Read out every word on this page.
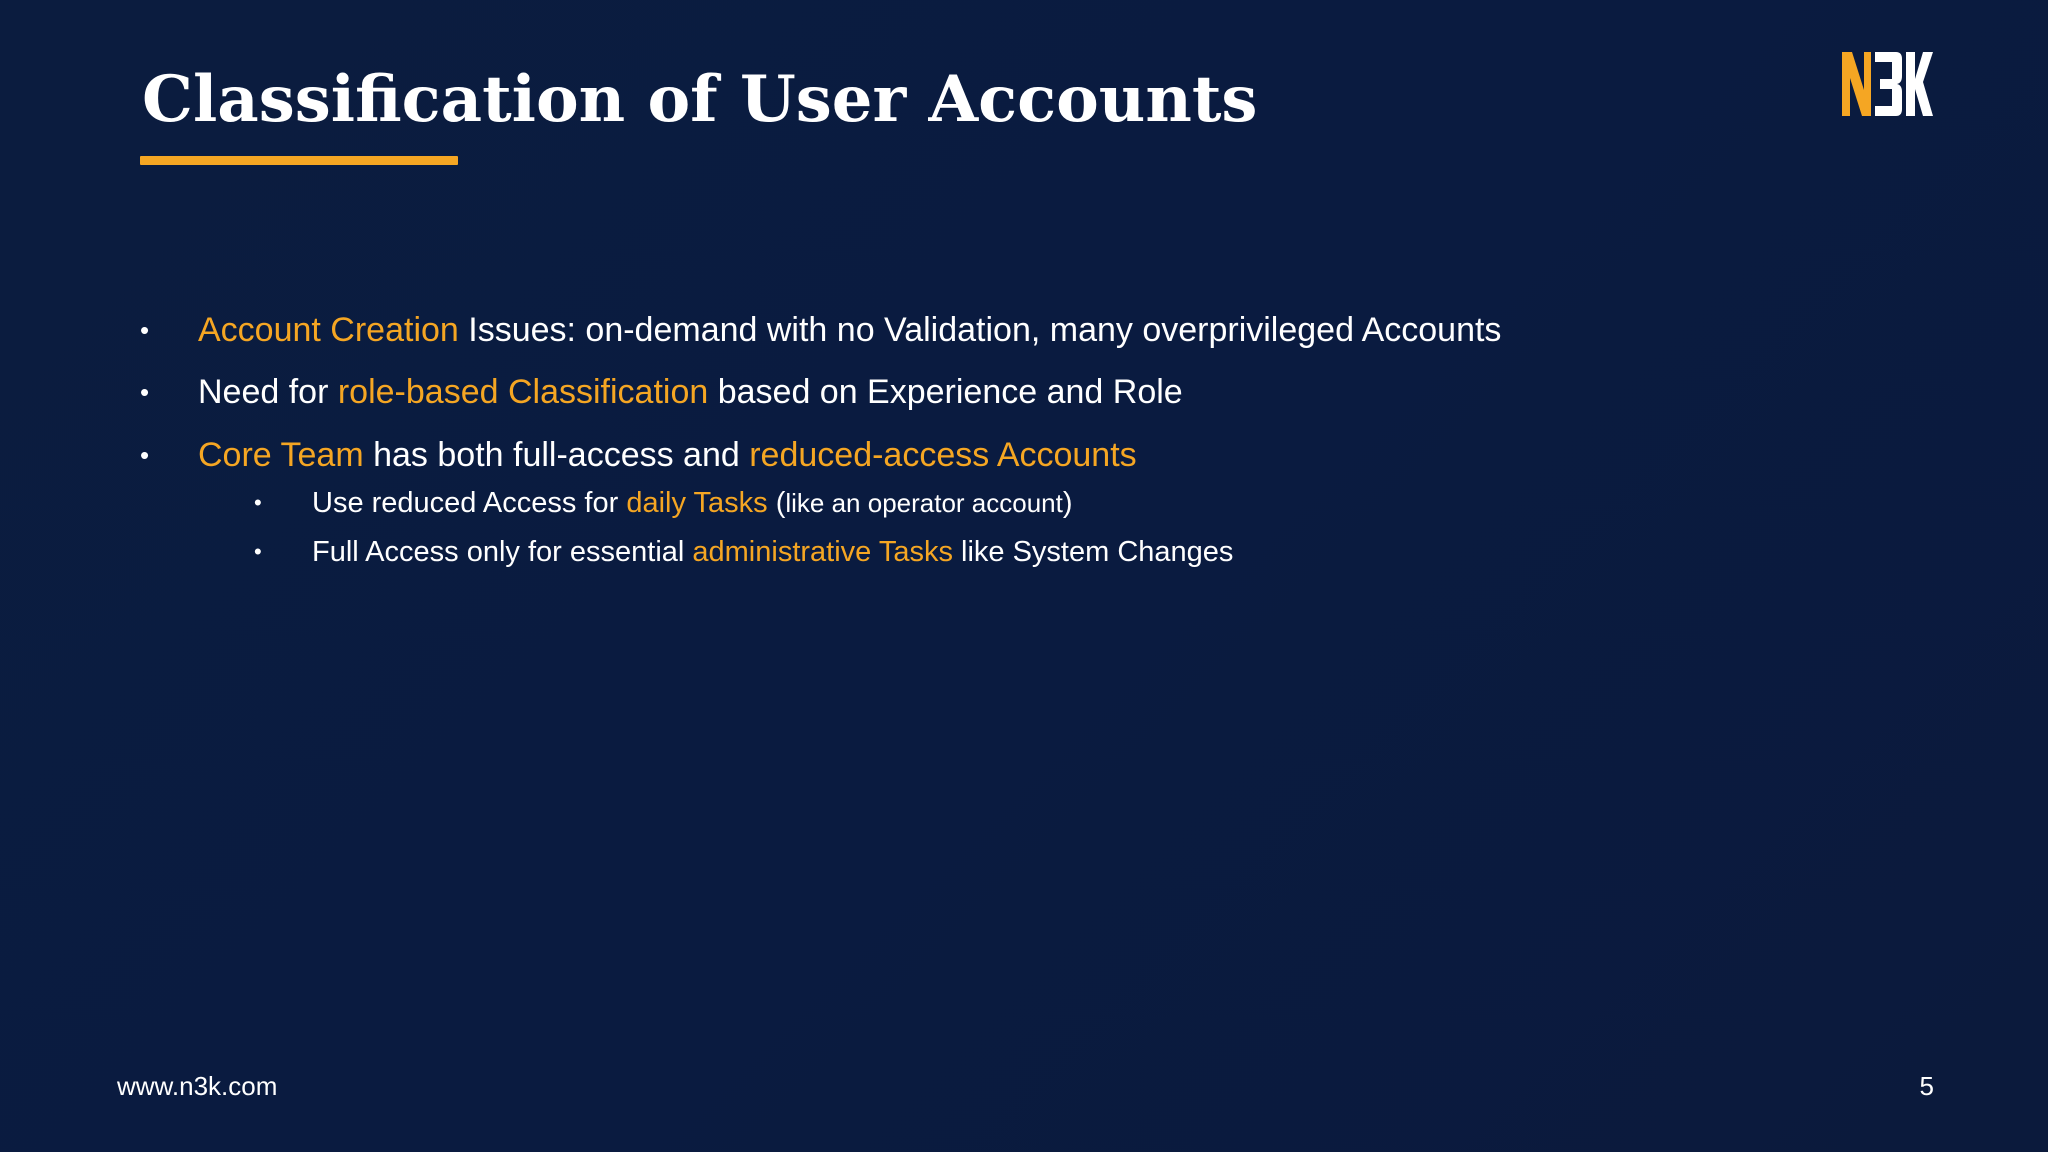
Classification of User Accounts
• Account Creation Issues: on-demand with no Validation, many overprivileged Accounts
• Need for role-based Classification based on Experience and Role
• Core Team has both full-access and reduced-access Accounts
• Use reduced Access for daily Tasks (like an operator account)
• Full Access only for essential administrative Tasks like System Changes
www.n3k.com	5
